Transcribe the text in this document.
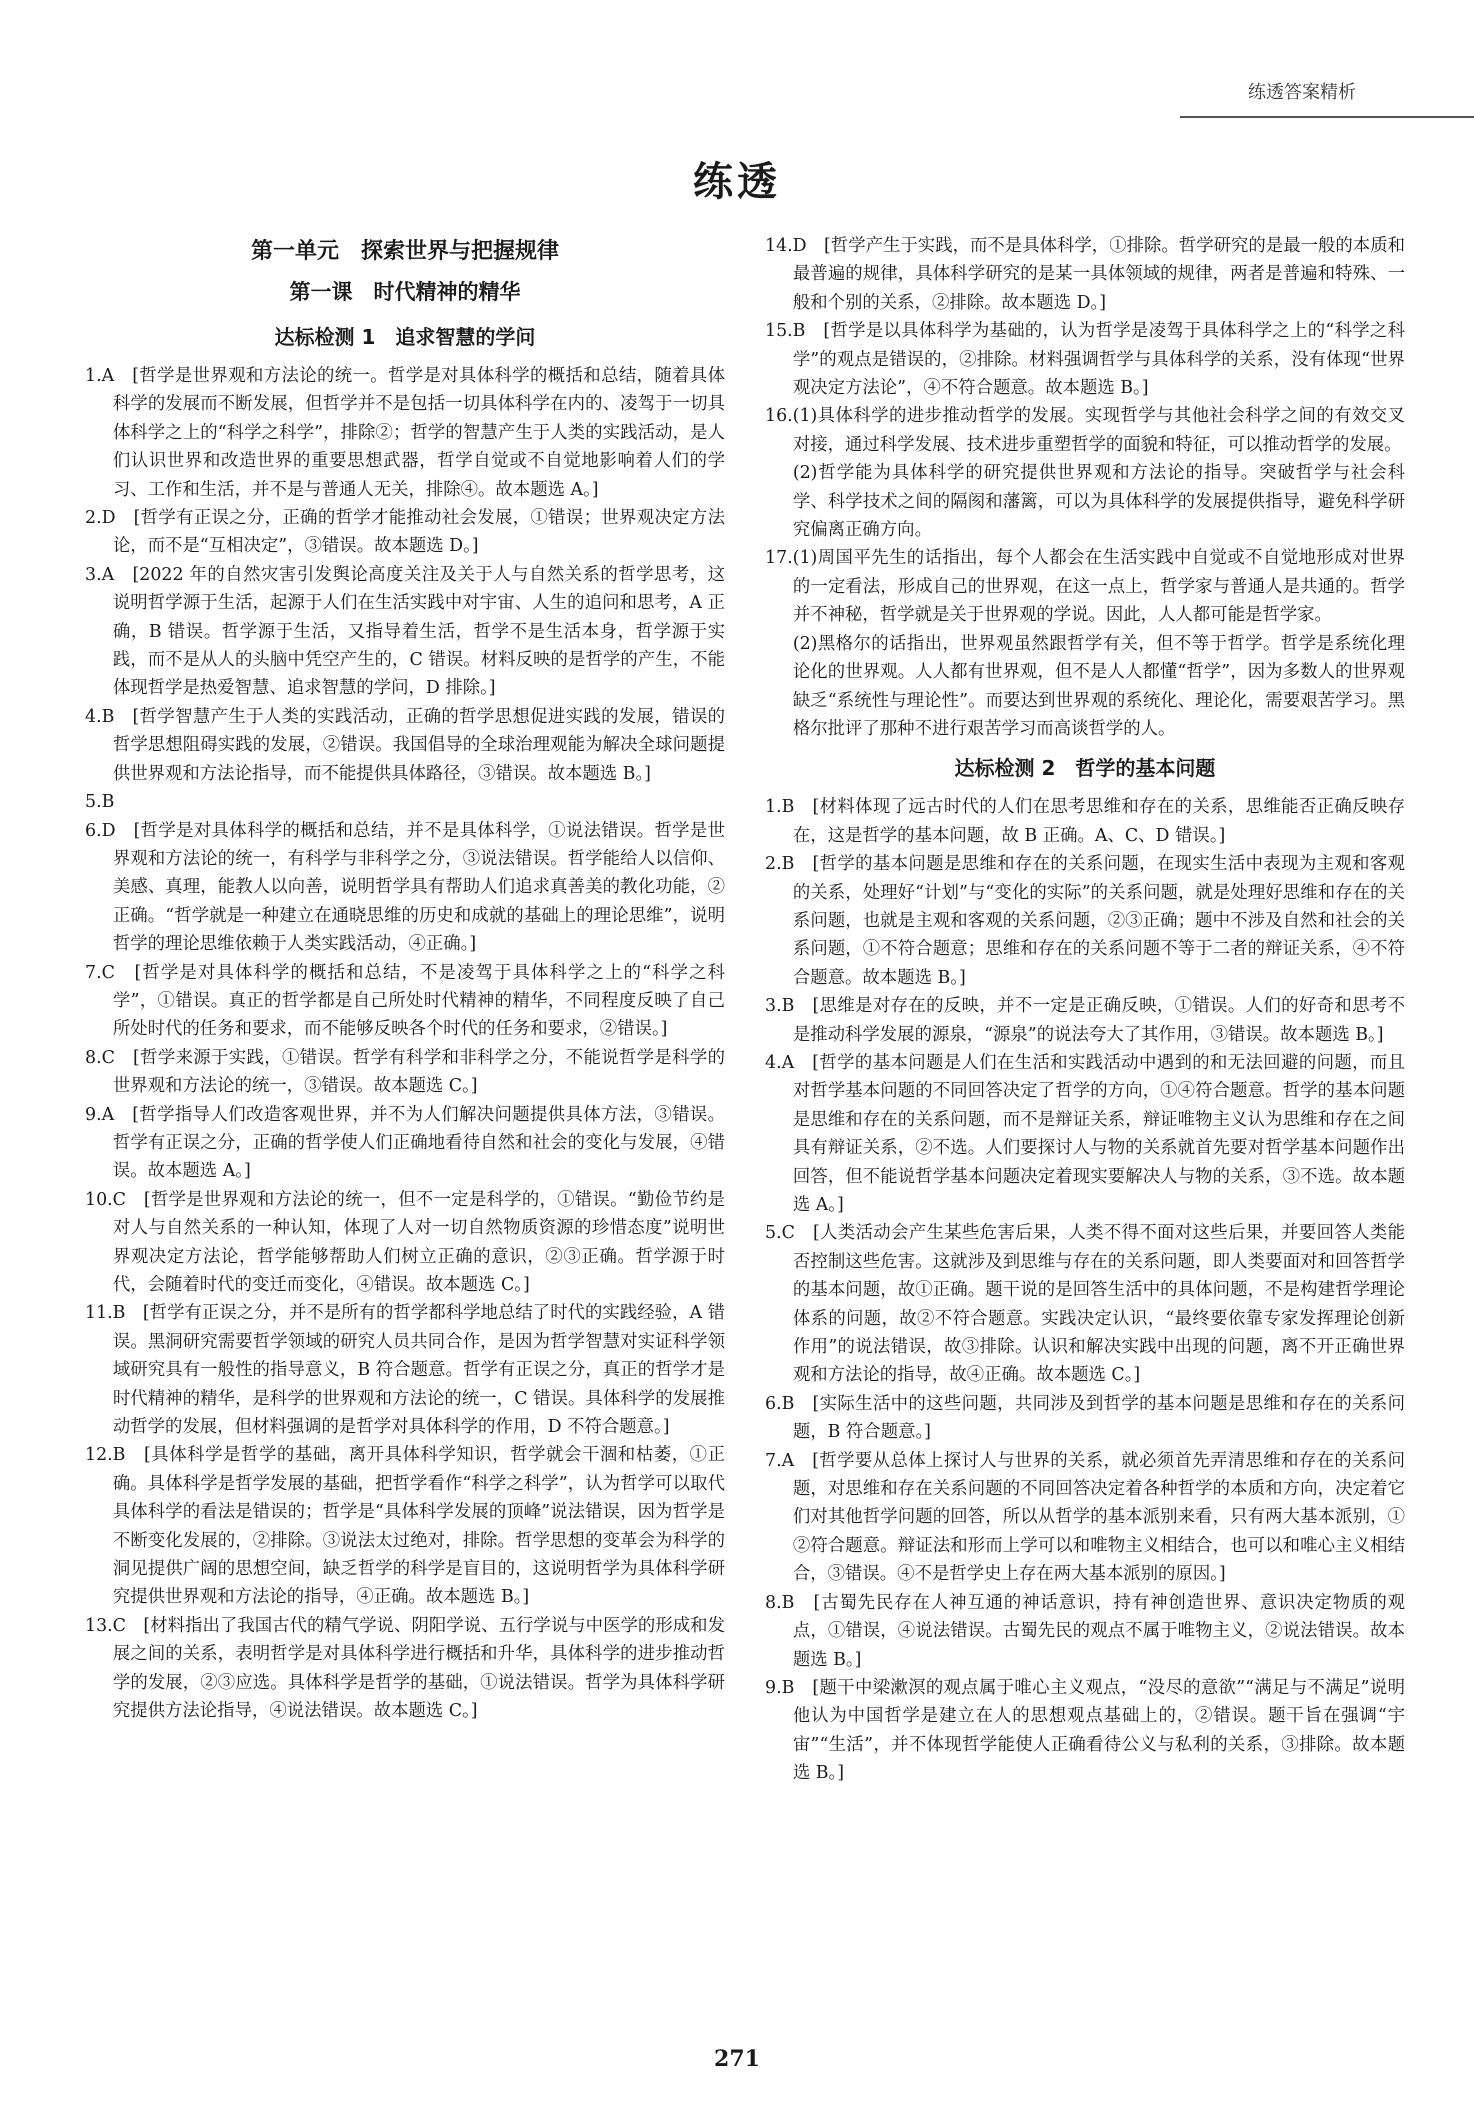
练透答案精析
练透

第一单元　探索世界与把握规律

第一课　时代精神的精华

达标检测 1　追求智慧的学问

1.A　[哲学是世界观和方法论的统一。哲学是对具体科学的概括和总结，随着具体科学的发展而不断发展，但哲学并不是包括一切具体科学在内的、凌驾于一切具体科学之上的“科学之科学”，排除②；哲学的智慧产生于人类的实践活动，是人们认识世界和改造世界的重要思想武器，哲学自觉或不自觉地影响着人们的学习、工作和生活，并不是与普通人无关，排除④。故本题选 A。]

2.D　[哲学有正误之分，正确的哲学才能推动社会发展，①错误；世界观决定方法论，而不是“互相决定”，③错误。故本题选 D。]

3.A　[2022 年的自然灾害引发舆论高度关注及关于人与自然关系的哲学思考，这说明哲学源于生活，起源于人们在生活实践中对宇宙、人生的追问和思考，A 正确，B 错误。哲学源于生活，又指导着生活，哲学不是生活本身，哲学源于实践，而不是从人的头脑中凭空产生的，C 错误。材料反映的是哲学的产生，不能体现哲学是热爱智慧、追求智慧的学问，D 排除。]

4.B　[哲学智慧产生于人类的实践活动，正确的哲学思想促进实践的发展，错误的哲学思想阻碍实践的发展，②错误。我国倡导的全球治理观能为解决全球问题提供世界观和方法论指导，而不能提供具体路径，③错误。故本题选 B。]

5.B

6.D　[哲学是对具体科学的概括和总结，并不是具体科学，①说法错误。哲学是世界观和方法论的统一，有科学与非科学之分，③说法错误。哲学能给人以信仰、美感、真理，能教人以向善，说明哲学具有帮助人们追求真善美的教化功能，②正确。“哲学就是一种建立在通晓思维的历史和成就的基础上的理论思维”，说明哲学的理论思维依赖于人类实践活动，④正确。]

7.C　[哲学是对具体科学的概括和总结，不是凌驾于具体科学之上的“科学之科学”，①错误。真正的哲学都是自己所处时代精神的精华，不同程度反映了自己所处时代的任务和要求，而不能够反映各个时代的任务和要求，②错误。]

8.C　[哲学来源于实践，①错误。哲学有科学和非科学之分，不能说哲学是科学的世界观和方法论的统一，③错误。故本题选 C。]

9.A　[哲学指导人们改造客观世界，并不为人们解决问题提供具体方法，③错误。哲学有正误之分，正确的哲学使人们正确地看待自然和社会的变化与发展，④错误。故本题选 A。]

10.C　[哲学是世界观和方法论的统一，但不一定是科学的，①错误。“勤俭节约是对人与自然关系的一种认知，体现了人对一切自然物质资源的珍惜态度”说明世界观决定方法论，哲学能够帮助人们树立正确的意识，②③正确。哲学源于时代，会随着时代的变迁而变化，④错误。故本题选 C。]

11.B　[哲学有正误之分，并不是所有的哲学都科学地总结了时代的实践经验，A 错误。黑洞研究需要哲学领域的研究人员共同合作，是因为哲学智慧对实证科学领域研究具有一般性的指导意义，B 符合题意。哲学有正误之分，真正的哲学才是时代精神的精华，是科学的世界观和方法论的统一，C 错误。具体科学的发展推动哲学的发展，但材料强调的是哲学对具体科学的作用，D 不符合题意。]

12.B　[具体科学是哲学的基础，离开具体科学知识，哲学就会干涸和枯萎，①正确。具体科学是哲学发展的基础，把哲学看作“科学之科学”，认为哲学可以取代具体科学的看法是错误的；哲学是“具体科学发展的顶峰”说法错误，因为哲学是不断变化发展的，②排除。③说法太过绝对，排除。哲学思想的变革会为科学的洞见提供广阔的思想空间，缺乏哲学的科学是盲目的，这说明哲学为具体科学研究提供世界观和方法论的指导，④正确。故本题选 B。]

13.C　[材料指出了我国古代的精气学说、阴阳学说、五行学说与中医学的形成和发展之间的关系，表明哲学是对具体科学进行概括和升华，具体科学的进步推动哲学的发展，②③应选。具体科学是哲学的基础，①说法错误。哲学为具体科学研究提供方法论指导，④说法错误。故本题选 C。]

14.D　[哲学产生于实践，而不是具体科学，①排除。哲学研究的是最一般的本质和最普遍的规律，具体科学研究的是某一具体领域的规律，两者是普遍和特殊、一般和个别的关系，②排除。故本题选 D。]

15.B　[哲学是以具体科学为基础的，认为哲学是凌驾于具体科学之上的“科学之科学”的观点是错误的，②排除。材料强调哲学与具体科学的关系，没有体现“世界观决定方法论”，④不符合题意。故本题选 B。]

16.(1)具体科学的进步推动哲学的发展。实现哲学与其他社会科学之间的有效交叉对接，通过科学发展、技术进步重塑哲学的面貌和特征，可以推动哲学的发展。

(2)哲学能为具体科学的研究提供世界观和方法论的指导。突破哲学与社会科学、科学技术之间的隔阂和藩篱，可以为具体科学的发展提供指导，避免科学研究偏离正确方向。

17.(1)周国平先生的话指出，每个人都会在生活实践中自觉或不自觉地形成对世界的一定看法，形成自己的世界观，在这一点上，哲学家与普通人是共通的。哲学并不神秘，哲学就是关于世界观的学说。因此，人人都可能是哲学家。

(2)黑格尔的话指出，世界观虽然跟哲学有关，但不等于哲学。哲学是系统化理论化的世界观。人人都有世界观，但不是人人都懂“哲学”，因为多数人的世界观缺乏“系统性与理论性”。而要达到世界观的系统化、理论化，需要艰苦学习。黑格尔批评了那种不进行艰苦学习而高谈哲学的人。

达标检测 2　哲学的基本问题

1.B　[材料体现了远古时代的人们在思考思维和存在的关系，思维能否正确反映存在，这是哲学的基本问题，故 B 正确。A、C、D 错误。]

2.B　[哲学的基本问题是思维和存在的关系问题，在现实生活中表现为主观和客观的关系，处理好“计划”与“变化的实际”的关系问题，就是处理好思维和存在的关系问题，也就是主观和客观的关系问题，②③正确；题中不涉及自然和社会的关系问题，①不符合题意；思维和存在的关系问题不等于二者的辩证关系，④不符合题意。故本题选 B。]

3.B　[思维是对存在的反映，并不一定是正确反映，①错误。人们的好奇和思考不是推动科学发展的源泉，“源泉”的说法夸大了其作用，③错误。故本题选 B。]

4.A　[哲学的基本问题是人们在生活和实践活动中遇到的和无法回避的问题，而且对哲学基本问题的不同回答决定了哲学的方向，①④符合题意。哲学的基本问题是思维和存在的关系问题，而不是辩证关系，辩证唯物主义认为思维和存在之间具有辩证关系，②不选。人们要探讨人与物的关系就首先要对哲学基本问题作出回答，但不能说哲学基本问题决定着现实要解决人与物的关系，③不选。故本题选 A。]

5.C　[人类活动会产生某些危害后果，人类不得不面对这些后果，并要回答人类能否控制这些危害。这就涉及到思维与存在的关系问题，即人类要面对和回答哲学的基本问题，故①正确。题干说的是回答生活中的具体问题，不是构建哲学理论体系的问题，故②不符合题意。实践决定认识，“最终要依靠专家发挥理论创新作用”的说法错误，故③排除。认识和解决实践中出现的问题，离不开正确世界观和方法论的指导，故④正确。故本题选 C。]

6.B　[实际生活中的这些问题，共同涉及到哲学的基本问题是思维和存在的关系问题，B 符合题意。]

7.A　[哲学要从总体上探讨人与世界的关系，就必须首先弄清思维和存在的关系问题，对思维和存在关系问题的不同回答决定着各种哲学的本质和方向，决定着它们对其他哲学问题的回答，所以从哲学的基本派别来看，只有两大基本派别，①②符合题意。辩证法和形而上学可以和唯物主义相结合，也可以和唯心主义相结合，③错误。④不是哲学史上存在两大基本派别的原因。]

8.B　[古蜀先民存在人神互通的神话意识，持有神创造世界、意识决定物质的观点，①错误，④说法错误。古蜀先民的观点不属于唯物主义，②说法错误。故本题选 B。]

9.B　[题干中梁漱溟的观点属于唯心主义观点，“没尽的意欲”“满足与不满足”说明他认为中国哲学是建立在人的思想观点基础上的，②错误。题干旨在强调“宇宙”“生活”，并不体现哲学能使人正确看待公义与私利的关系，③排除。故本题选 B。]

271
